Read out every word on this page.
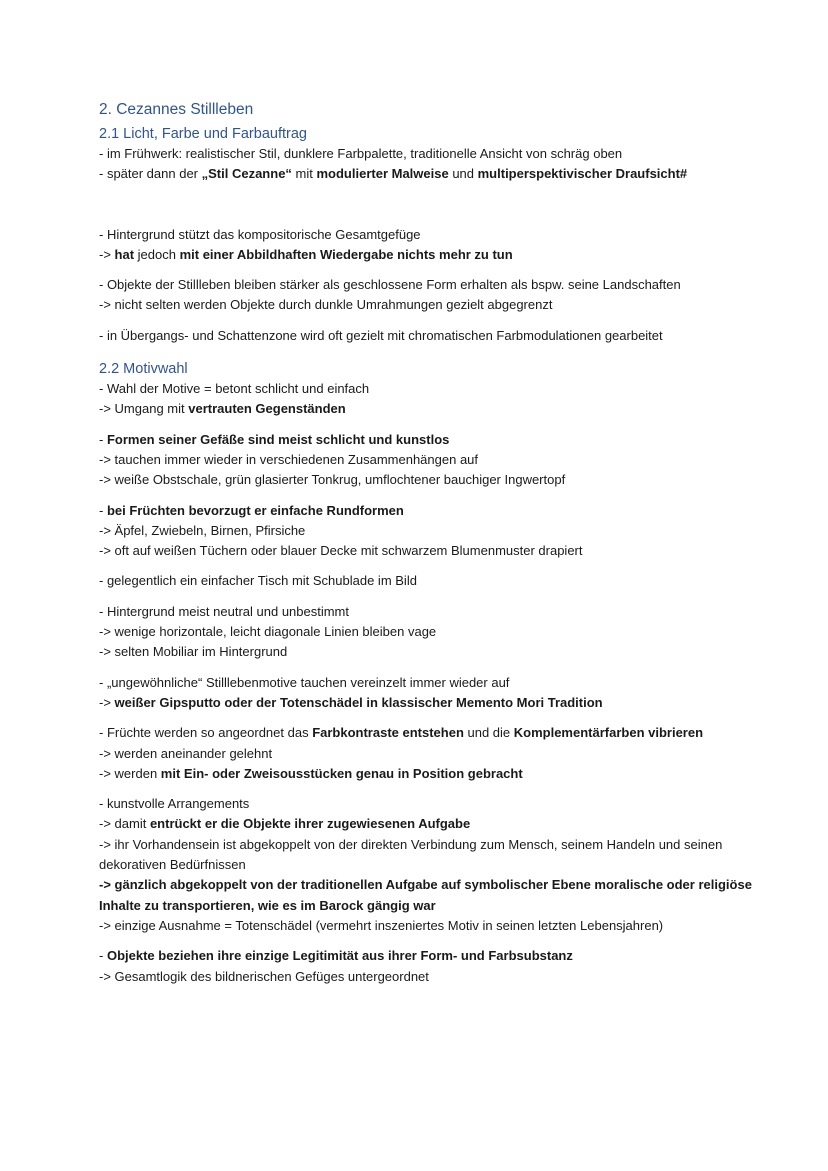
2. Cezannes Stillleben
2.1 Licht, Farbe und Farbauftrag
- im Frühwerk: realistischer Stil, dunklere Farbpalette, traditionelle Ansicht von schräg oben
- später dann der „Stil Cezanne“ mit modulierter Malweise und multiperspektivischer Draufsicht#
- Hintergrund stützt das kompositorische Gesamtgefüge
-> hat jedoch mit einer Abbildhaften Wiedergabe nichts mehr zu tun
- Objekte der Stillleben bleiben stärker als geschlossene Form erhalten als bspw. seine Landschaften
-> nicht selten werden Objekte durch dunkle Umrahmungen gezielt abgegrenzt
- in Übergangs- und Schattenzone wird oft gezielt mit chromatischen Farbmodulationen gearbeitet
2.2 Motivwahl
- Wahl der Motive = betont schlicht und einfach
-> Umgang mit vertrauten Gegenständen
- Formen seiner Gefäße sind meist schlicht und kunstlos
-> tauchen immer wieder in verschiedenen Zusammenhängen auf
-> weiße Obstschale, grün glasierter Tonkrug, umflochtener bauchiger Ingwertopf
- bei Früchten bevorzugt er einfache Rundformen
-> Äpfel, Zwiebeln, Birnen, Pfirsiche
-> oft auf weißen Tüchern oder blauer Decke mit schwarzem Blumenmuster drapiert
- gelegentlich ein einfacher Tisch mit Schublade im Bild
- Hintergrund meist neutral und unbestimmt
-> wenige horizontale, leicht diagonale Linien bleiben vage
-> selten Mobiliar im Hintergrund
- „ungewöhnliche“ Stilllebenmotive tauchen vereinzelt immer wieder auf
-> weißer Gipsputto oder der Totenschädel in klassischer Memento Mori Tradition
- Früchte werden so angeordnet das Farbkontraste entstehen und die Komplementärfarben vibrieren
-> werden aneinander gelehnt
-> werden mit Ein- oder Zweisousstücken genau in Position gebracht
- kunstvolle Arrangements
-> damit entrückt er die Objekte ihrer zugewiesenen Aufgabe
-> ihr Vorhandensein ist abgekoppelt von der direkten Verbindung zum Mensch, seinem Handeln und seinen dekorativen Bedürfnissen
-> gänzlich abgekoppelt von der traditionellen Aufgabe auf symbolischer Ebene moralische oder religiöse Inhalte zu transportieren, wie es im Barock gängig war
-> einzige Ausnahme = Totenschädel (vermehrt inszeniertes Motiv in seinen letzten Lebensjahren)
- Objekte beziehen ihre einzige Legitimität aus ihrer Form- und Farbsubstanz
-> Gesamtlogik des bildnerischen Gefüges untergeordnet
